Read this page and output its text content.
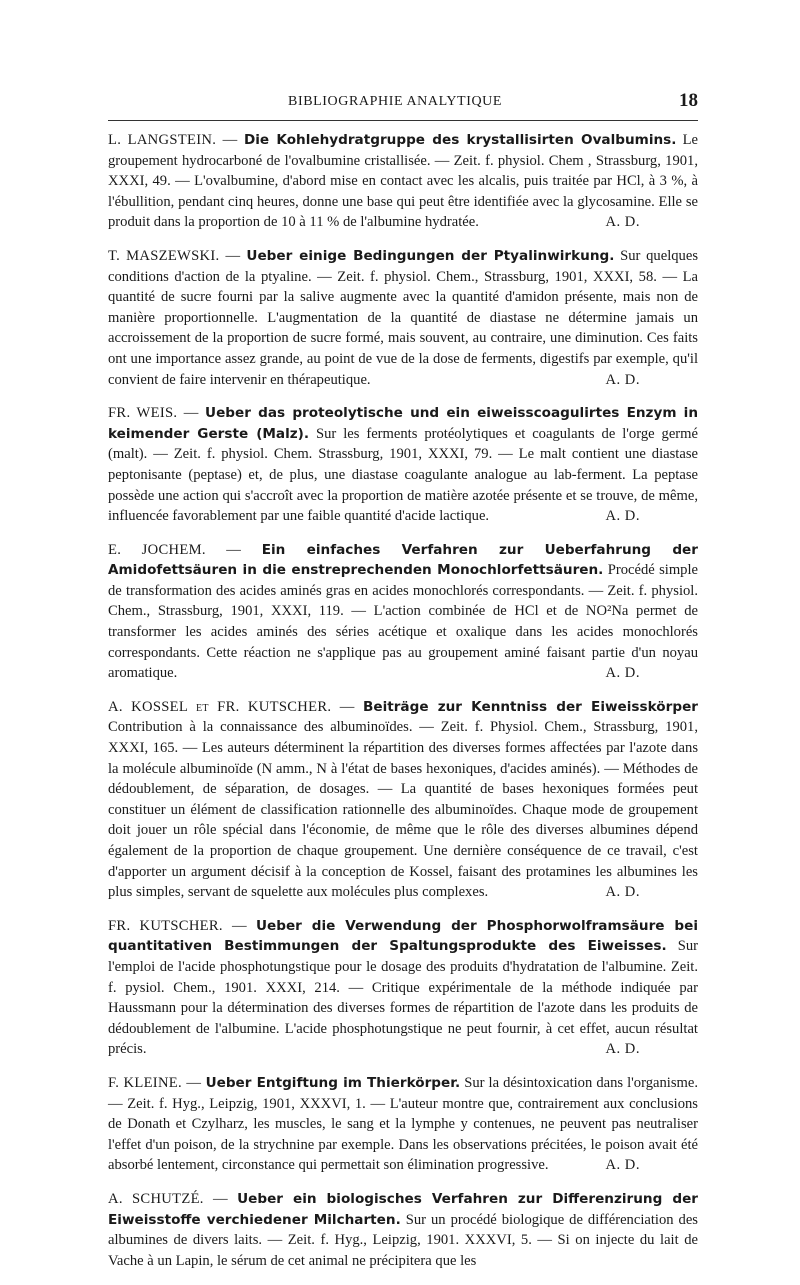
BIBLIOGRAPHIE ANALYTIQUE	18

L. LANGSTEIN. — Die Kohlehydratgruppe des krystallisirten Ovalbumins. Le groupement hydrocarboné de l'ovalbumine cristallisée. — Zeit. f. physiol. Chem , Strassburg, 1901, XXXI, 49. — L'ovalbumine, d'abord mise en contact avec les alcalis, puis traitée par HCl, à 3 %, à l'ébullition, pendant cinq heures, donne une base qui peut être identifiée avec la glycosamine. Elle se produit dans la proportion de 10 à 11 % de l'albumine hydratée.	A. D.

T. MASZEWSKI. — Ueber einige Bedingungen der Ptyalinwirkung. Sur quelques conditions d'action de la ptyaline. — Zeit. f. physiol. Chem., Strassburg, 1901, XXXI, 58. — La quantité de sucre fourni par la salive augmente avec la quantité d'amidon présente, mais non de manière proportionnelle. L'augmentation de la quantité de diastase ne détermine jamais un accroissement de la proportion de sucre formé, mais souvent, au contraire, une diminution. Ces faits ont une importance assez grande, au point de vue de la dose de ferments, digestifs par exemple, qu'il convient de faire intervenir en thérapeutique.	A. D.

FR. WEIS. — Ueber das proteolytische und ein eiweisscoagulirtes Enzym in keimender Gerste (Malz). Sur les ferments protéolytiques et coagulants de l'orge germé (malt). — Zeit. f. physiol. Chem. Strassburg, 1901, XXXI, 79. — Le malt contient une diastase peptonisante (peptase) et, de plus, une diastase coagulante analogue au lab-ferment. La peptase possède une action qui s'accroît avec la proportion de matière azotée présente et se trouve, de même, influencée favorablement par une faible quantité d'acide lactique.	A. D.

E. JOCHEM. — Ein einfaches Verfahren zur Ueberfahrung der Amidofettsäuren in die enstreprechenden Monochlorfettsäuren. Procédé simple de transformation des acides aminés gras en acides monochlorés correspondants. — Zeit. f. physiol. Chem., Strassburg, 1901, XXXI, 119. — L'action combinée de HCl et de NO²Na permet de transformer les acides aminés des séries acétique et oxalique dans les acides monochlorés correspondants. Cette réaction ne s'applique pas au groupement aminé faisant partie d'un noyau aromatique.	A. D.

A. KOSSEL et FR. KUTSCHER. — Beiträge zur Kenntniss der Eiweisskörper Contribution à la connaissance des albuminoïdes. — Zeit. f. Physiol. Chem., Strassburg, 1901, XXXI, 165. — Les auteurs déterminent la répartition des diverses formes affectées par l'azote dans la molécule albuminoïde (N amm., N à l'état de bases hexoniques, d'acides aminés). — Méthodes de dédoublement, de séparation, de dosages. — La quantité de bases hexoniques formées peut constituer un élément de classification rationnelle des albuminoïdes. Chaque mode de groupement doit jouer un rôle spécial dans l'économie, de même que le rôle des diverses albumines dépend également de la proportion de chaque groupement. Une dernière conséquence de ce travail, c'est d'apporter un argument décisif à la conception de Kossel, faisant des protamines les albumines les plus simples, servant de squelette aux molécules plus complexes.	A. D.

FR. KUTSCHER. — Ueber die Verwendung der Phosphorwolframsäure bei quantitativen Bestimmungen der Spaltungsprodukte des Eiweisses. Sur l'emploi de l'acide phosphotungstique pour le dosage des produits d'hydratation de l'albumine. Zeit. f. pysiol. Chem., 1901. XXXI, 214. — Critique expérimentale de la méthode indiquée par Haussmann pour la détermination des diverses formes de répartition de l'azote dans les produits de dédoublement de l'albumine. L'acide phosphotungstique ne peut fournir, à cet effet, aucun résultat précis.	A. D.

F. KLEINE. — Ueber Entgiftung im Thierkörper. Sur la désintoxication dans l'organisme. — Zeit. f. Hyg., Leipzig, 1901, XXXVI, 1. — L'auteur montre que, contrairement aux conclusions de Donath et Czylharz, les muscles, le sang et la lymphe y contenues, ne peuvent pas neutraliser l'effet d'un poison, de la strychnine par exemple. Dans les observations précitées, le poison avait été absorbé lentement, circonstance qui permettait son élimination progressive.	A. D.

A. SCHUTZÉ. — Ueber ein biologisches Verfahren zur Differenzirung der Eiweisstoffe verchiedener Milcharten. Sur un procédé biologique de différenciation des albumines de divers laits. — Zeit. f. Hyg., Leipzig, 1901. XXXVI, 5. — Si on injecte du lait de Vache à un Lapin, le sérum de cet animal ne précipitera que les
